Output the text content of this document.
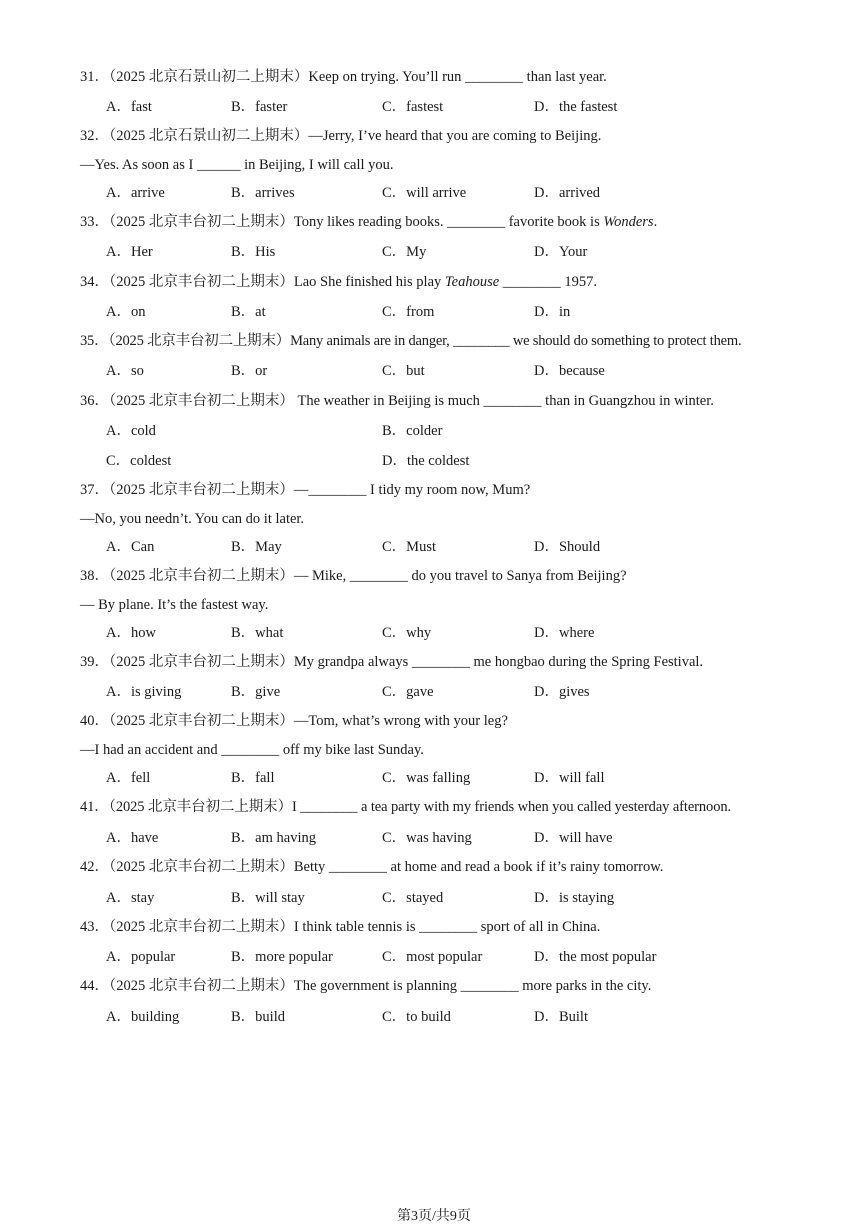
31．（2025 北京石景山初二上期末）Keep on trying. You’ll run ________ than last year.
A．fast	B．faster	C．fastest	D．the fastest
32．（2025 北京石景山初二上期末）—Jerry, I’ve heard that you are coming to Beijing.
—Yes. As soon as I ______ in Beijing, I will call you.
A．arrive	B．arrives	C．will arrive	D．arrived
33．（2025 北京丰台初二上期末）Tony likes reading books. ________ favorite book is Wonders.
A．Her	B．His	C．My	D．Your
34．（2025 北京丰台初二上期末）Lao She finished his play Teahouse ________ 1957.
A．on	B．at	C．from	D．in
35．（2025 北京丰台初二上期末）Many animals are in danger, ________ we should do something to protect them.
A．so	B．or	C．but	D．because
36．（2025 北京丰台初二上期末） The weather in Beijing is much ________ than in Guangzhou in winter.
A．cold	B．colder
C．coldest	D．the coldest
37．（2025 北京丰台初二上期末）—________ I tidy my room now, Mum?
—No, you needn’t. You can do it later.
A．Can	B．May	C．Must	D．Should
38．（2025 北京丰台初二上期末）— Mike, ________ do you travel to Sanya from Beijing?
— By plane. It’s the fastest way.
A．how	B．what	C．why	D．where
39．（2025 北京丰台初二上期末）My grandpa always ________ me hongbao during the Spring Festival.
A．is giving	B．give	C．gave	D．gives
40．（2025 北京丰台初二上期末）—Tom, what’s wrong with your leg?
—I had an accident and ________ off my bike last Sunday.
A．fell	B．fall	C．was falling	D．will fall
41．（2025 北京丰台初二上期末）I ________ a tea party with my friends when you called yesterday afternoon.
A．have	B．am having	C．was having	D．will have
42．（2025 北京丰台初二上期末）Betty ________ at home and read a book if it’s rainy tomorrow.
A．stay	B．will stay	C．stayed	D．is staying
43．（2025 北京丰台初二上期末）I think table tennis is ________ sport of all in China.
A．popular	B．more popular	C．most popular	D．the most popular
44．（2025 北京丰台初二上期末）The government is planning ________ more parks in the city.
A．building	B．build	C．to build	D．Built
第3页/共9页
